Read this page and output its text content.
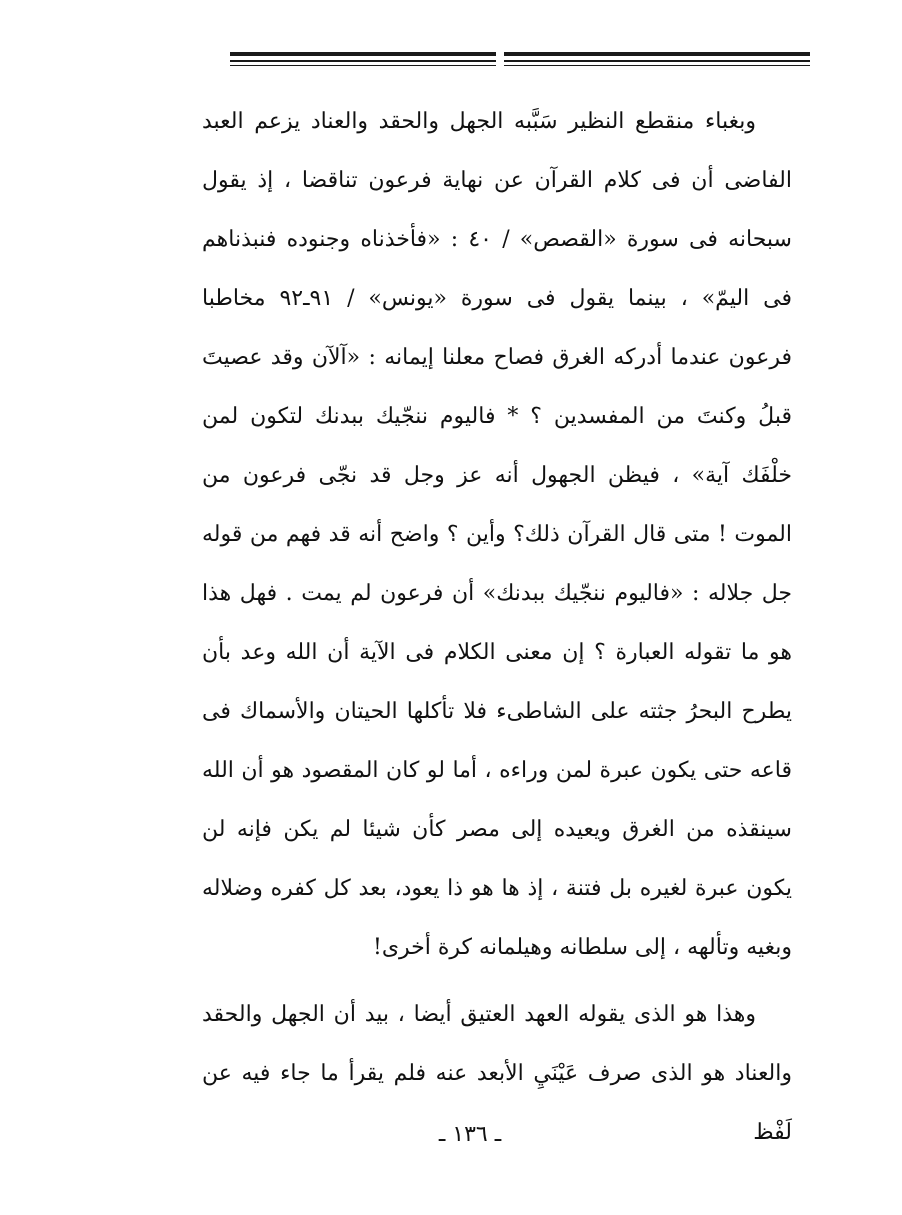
وبغباء منقطع النظير سَبَّبه الجهل والحقد والعناد يزعم العبد الفاضى أن فى كلام القرآن عن نهاية فرعون تناقضا ، إذ يقول سبحانه فى سورة «القصص» / ٤٠ : «فأخذناه وجنوده فنبذناهم فى اليمّ» ، بينما يقول فى سورة «يونس» / ٩١ـ٩٢ مخاطبا فرعون عندما أدركه الغرق فصاح معلنا إيمانه : «آلآن وقد عصيتَ قبلُ وكنتَ من المفسدين ؟ * فاليوم ننجّيك ببدنك لتكون لمن خلْفَك آية» ، فيظن الجهول أنه عز وجل قد نجّى فرعون من الموت ! متى قال القرآن ذلك؟ وأين ؟ واضح أنه قد فهم من قوله جل جلاله : «فاليوم ننجّيك ببدنك» أن فرعون لم يمت . فهل هذا هو ما تقوله العبارة ؟ إن معنى الكلام فى الآية أن الله وعد بأن يطرح البحرُ جثته على الشاطىء فلا تأكلها الحيتان والأسماك فى قاعه حتى يكون عبرة لمن وراءه ، أما لو كان المقصود هو أن الله سينقذه من الغرق ويعيده إلى مصر كأن شيئا لم يكن فإنه لن يكون عبرة لغيره بل فتنة ، إذ ها هو ذا يعود، بعد كل كفره وضلاله وبغيه وتألهه ، إلى سلطانه وهيلمانه كرة أخرى!

وهذا هو الذى يقوله العهد العتيق أيضا ، بيد أن الجهل والحقد والعناد هو الذى صرف عَيْنَيِ الأبعد عنه فلم يقرأ ما جاء فيه عن لَفْظ

ـ ١٣٦ ـ
